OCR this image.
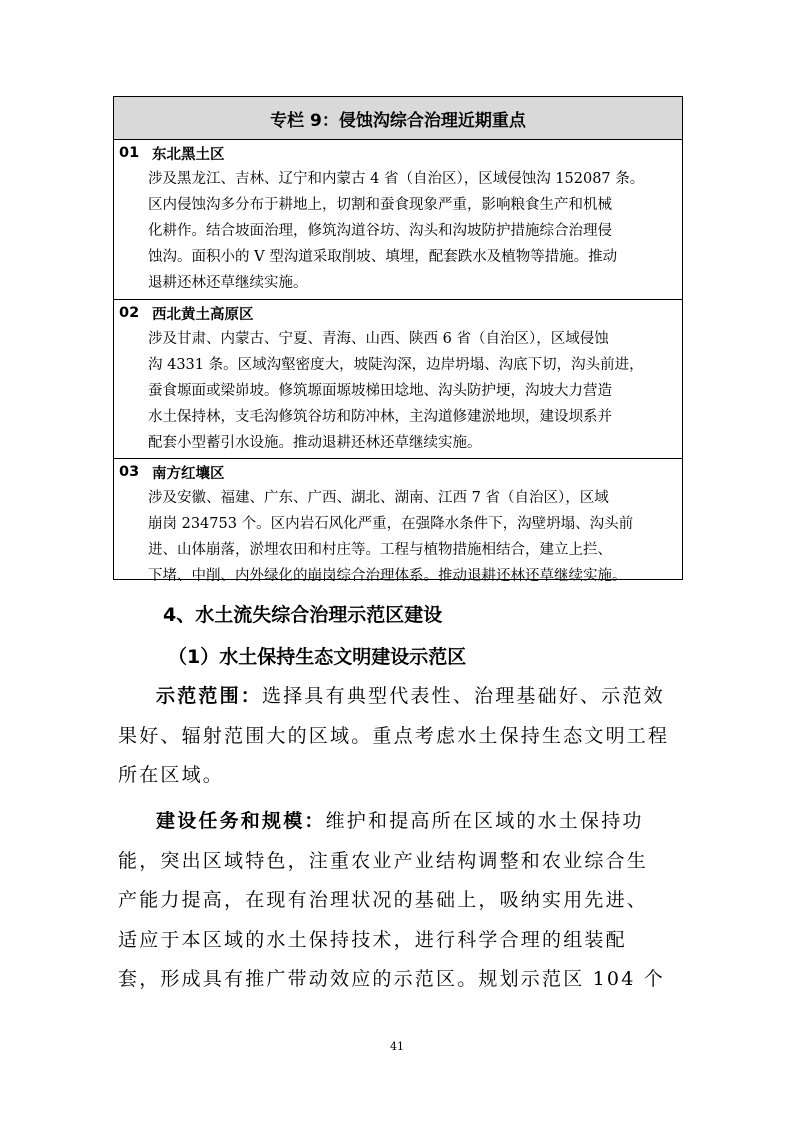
专栏 9：侵蚀沟综合治理近期重点
01 东北黑土区
涉及黑龙江、吉林、辽宁和内蒙古 4 省（自治区），区域侵蚀沟 152087 条。
区内侵蚀沟多分布于耕地上，切割和蚕食现象严重，影响粮食生产和机械
化耕作。结合坡面治理，修筑沟道谷坊、沟头和沟坡防护措施综合治理侵
蚀沟。面积小的 V 型沟道采取削坡、填埋，配套跌水及植物等措施。推动
退耕还林还草继续实施。
02 西北黄土高原区
涉及甘肃、内蒙古、宁夏、青海、山西、陕西 6 省（自治区），区域侵蚀
沟 4331 条。区域沟壑密度大，坡陡沟深，边岸坍塌、沟底下切，沟头前进，
蚕食塬面或梁峁坡。修筑塬面塬坡梯田埝地、沟头防护埂，沟坡大力营造
水土保持林，支毛沟修筑谷坊和防冲林，主沟道修建淤地坝，建设坝系并
配套小型蓄引水设施。推动退耕还林还草继续实施。
03 南方红壤区
涉及安徽、福建、广东、广西、湖北、湖南、江西 7 省（自治区），区域
崩岗 234753 个。区内岩石风化严重，在强降水条件下，沟壁坍塌、沟头前
进、山体崩落，淤埋农田和村庄等。工程与植物措施相结合，建立上拦、
下堵、中削、内外绿化的崩岗综合治理体系。推动退耕还林还草继续实施。
4、水土流失综合治理示范区建设
（1）水土保持生态文明建设示范区
示范范围：选择具有典型代表性、治理基础好、示范效
果好、辐射范围大的区域。重点考虑水土保持生态文明工程
所在区域。
建设任务和规模：维护和提高所在区域的水土保持功
能，突出区域特色，注重农业产业结构调整和农业综合生
产能力提高，在现有治理状况的基础上，吸纳实用先进、
适应于本区域的水土保持技术，进行科学合理的组装配
套，形成具有推广带动效应的示范区。规划示范区 104 个
41
